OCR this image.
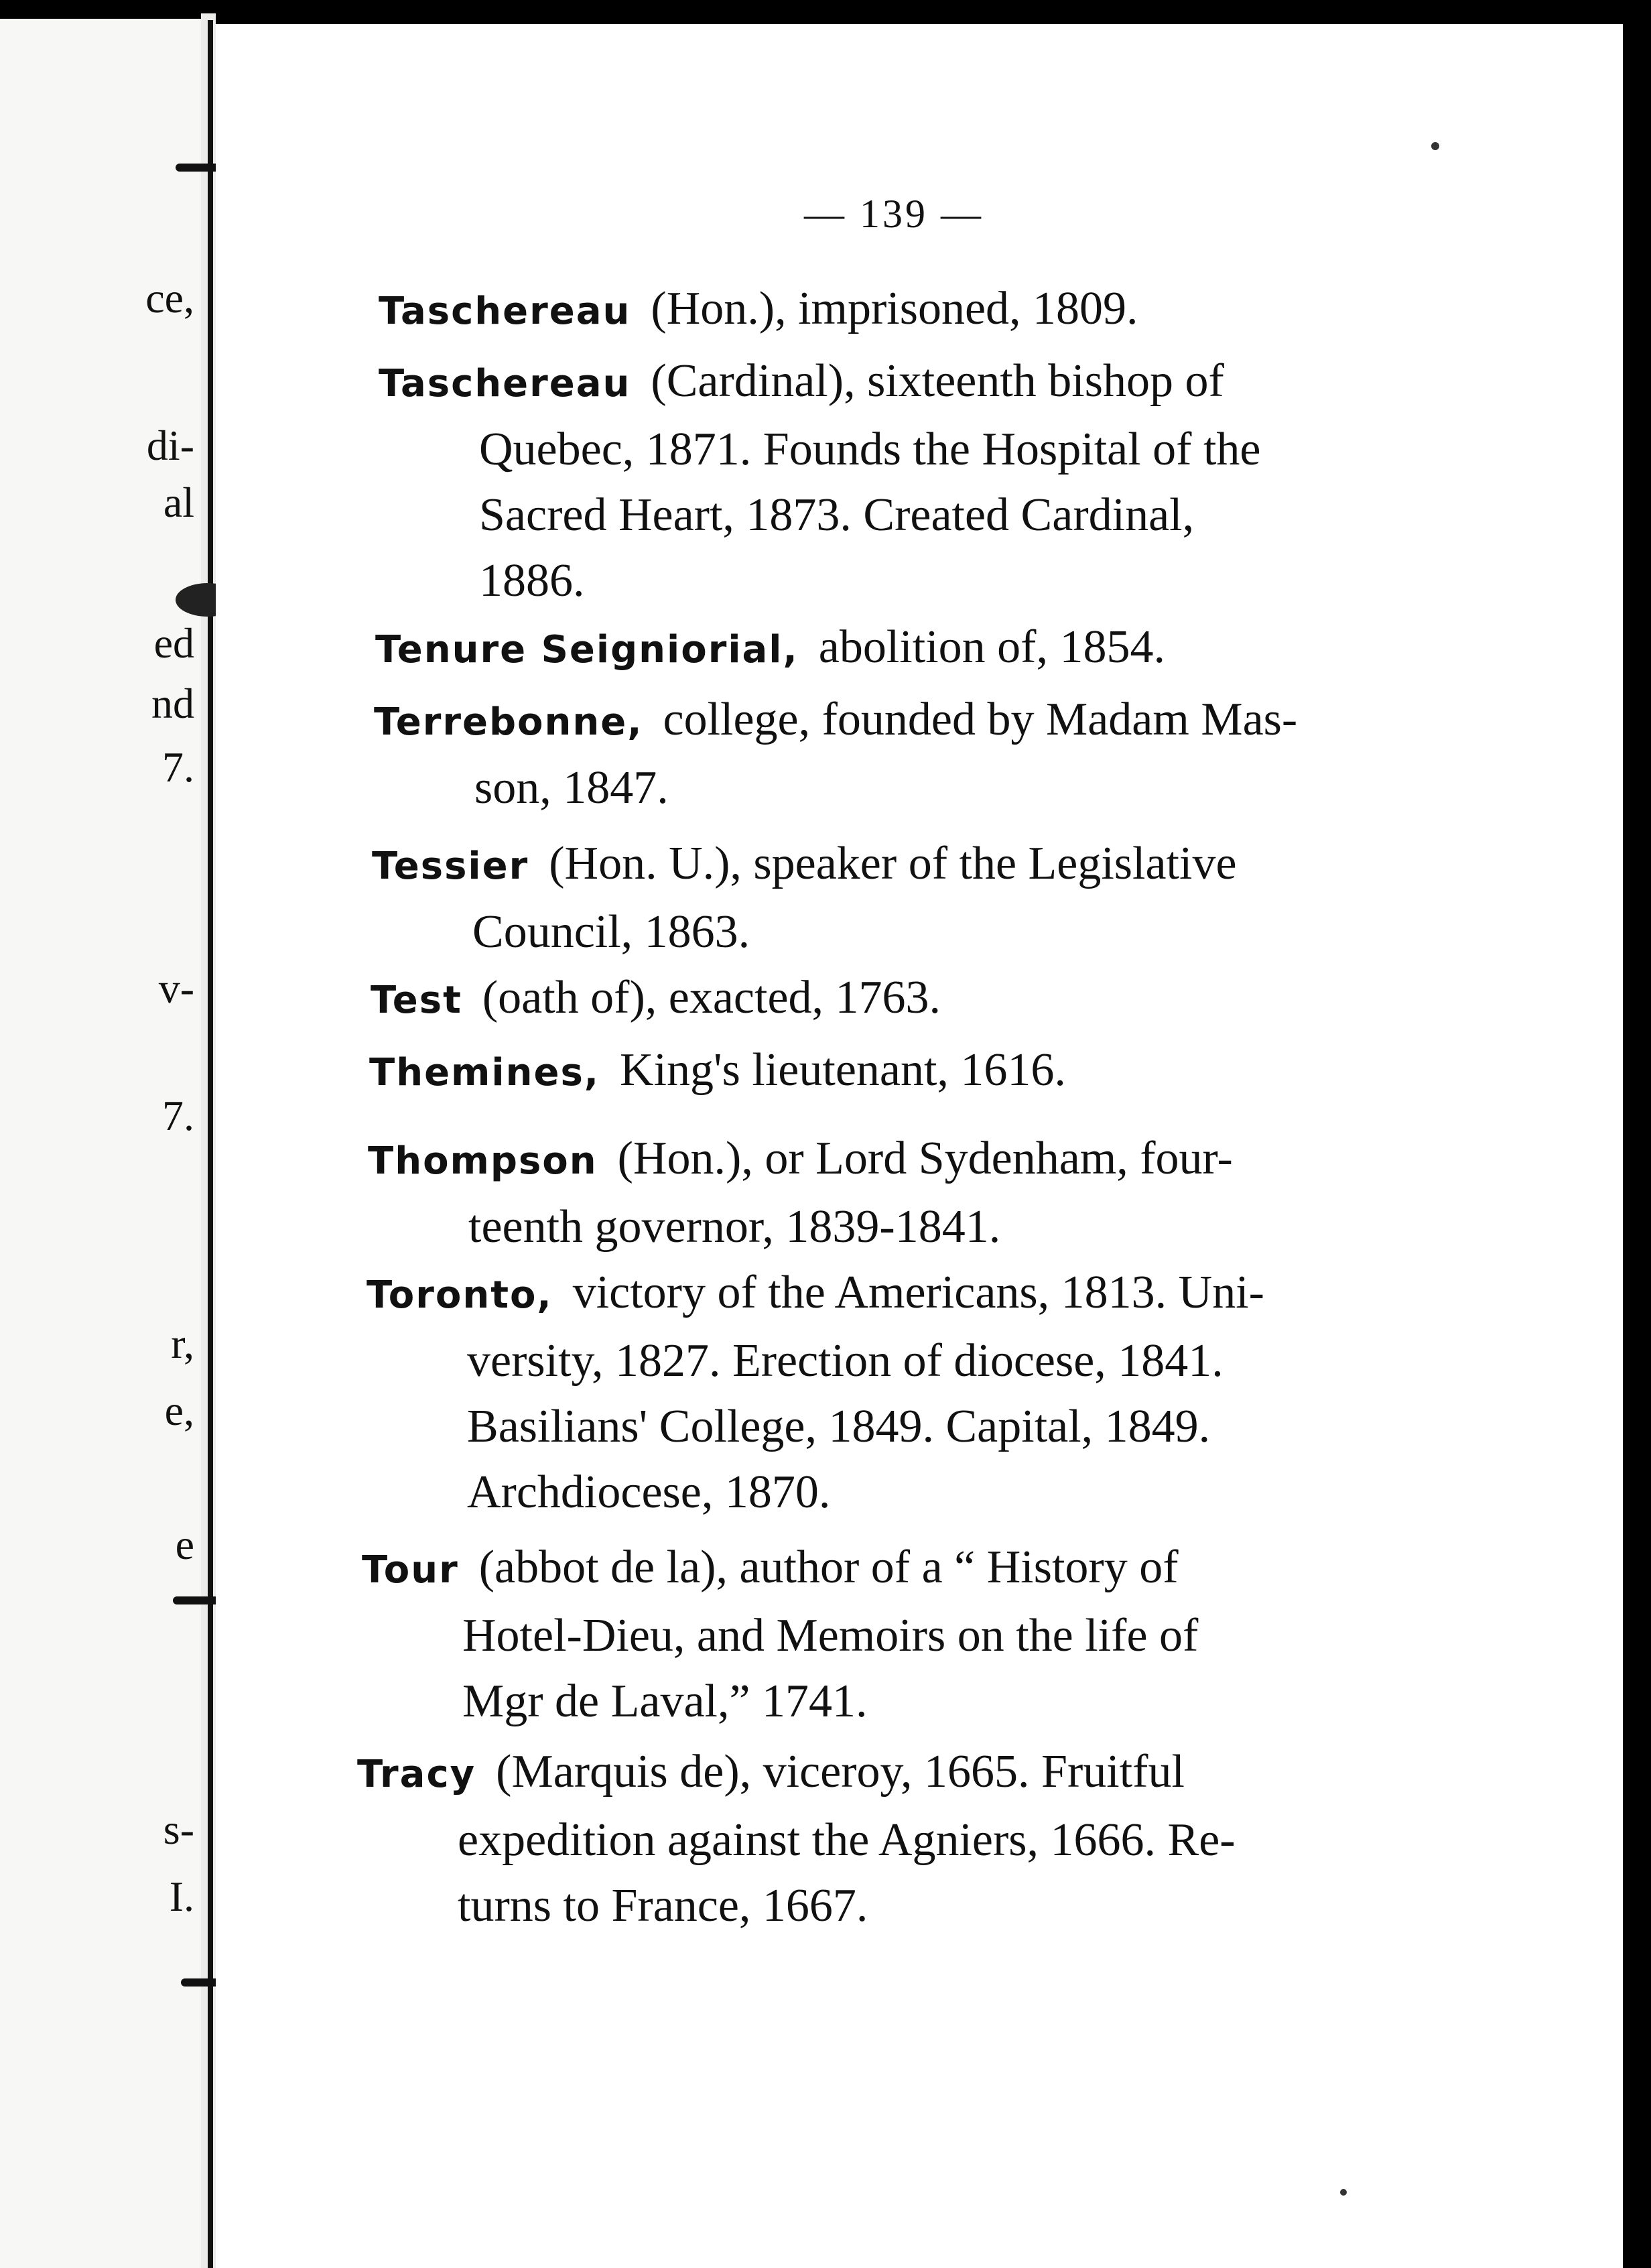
ce,
di-
al
ed
nd
7.
v-
7.
r,
e,
e
s-
I.
— 139 —
Taschereau (Hon.), imprisoned, 1809.
Taschereau (Cardinal), sixteenth bishop of
Quebec, 1871. Founds the Hospital of the
Sacred Heart, 1873. Created Cardinal,
1886.
Tenure Seigniorial, abolition of, 1854.
Terrebonne, college, founded by Madam Mas-
son, 1847.
Tessier (Hon. U.), speaker of the Legislative
Council, 1863.
Test (oath of), exacted, 1763.
Themines, King's lieutenant, 1616.
Thompson (Hon.), or Lord Sydenham, four-
teenth governor, 1839-1841.
Toronto, victory of the Americans, 1813. Uni-
versity, 1827. Erection of diocese, 1841.
Basilians' College, 1849. Capital, 1849.
Archdiocese, 1870.
Tour (abbot de la), author of a “ History of
Hotel-Dieu, and Memoirs on the life of
Mgr de Laval,” 1741.
Tracy (Marquis de), viceroy, 1665. Fruitful
expedition against the Agniers, 1666. Re-
turns to France, 1667.
